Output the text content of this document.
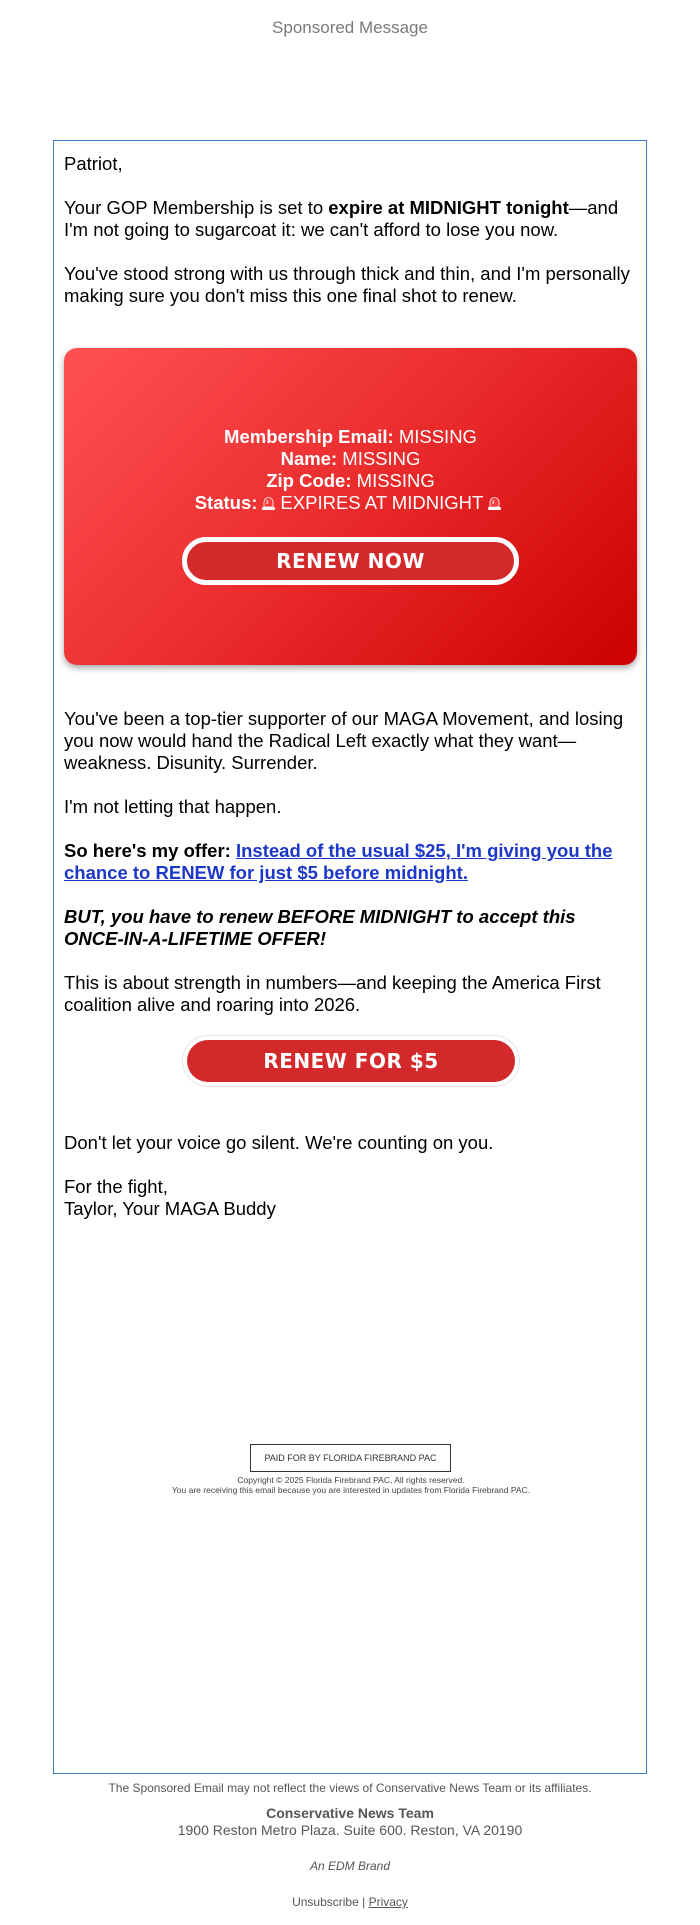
Sponsored Message

Patriot,

Your GOP Membership is set to expire at MIDNIGHT tonight—and I'm not going to sugarcoat it: we can't afford to lose you now.

You've stood strong with us through thick and thin, and I'm personally making sure you don't miss this one final shot to renew.

Membership Email: MISSING
Name: MISSING
Zip Code: MISSING
Status: EXPIRES AT MIDNIGHT
RENEW NOW

You've been a top-tier supporter of our MAGA Movement, and losing you now would hand the Radical Left exactly what they want—weakness. Disunity. Surrender.

I'm not letting that happen.

So here's my offer: Instead of the usual $25, I'm giving you the chance to RENEW for just $5 before midnight.

BUT, you have to renew BEFORE MIDNIGHT to accept this ONCE-IN-A-LIFETIME OFFER!

This is about strength in numbers—and keeping the America First coalition alive and roaring into 2026.

RENEW FOR $5

Don't let your voice go silent. We're counting on you.

For the fight,

Taylor, Your MAGA Buddy

PAID FOR BY FLORIDA FIREBRAND PAC
Copyright © 2025 Florida Firebrand PAC, All rights reserved.
You are receiving this email because you are interested in updates from Florida Firebrand PAC.
The Sponsored Email may not reflect the views of Conservative News Team or its affiliates.
Conservative News Team
1900 Reston Metro Plaza. Suite 600. Reston, VA 20190
An EDM Brand
Unsubscribe | Privacy
